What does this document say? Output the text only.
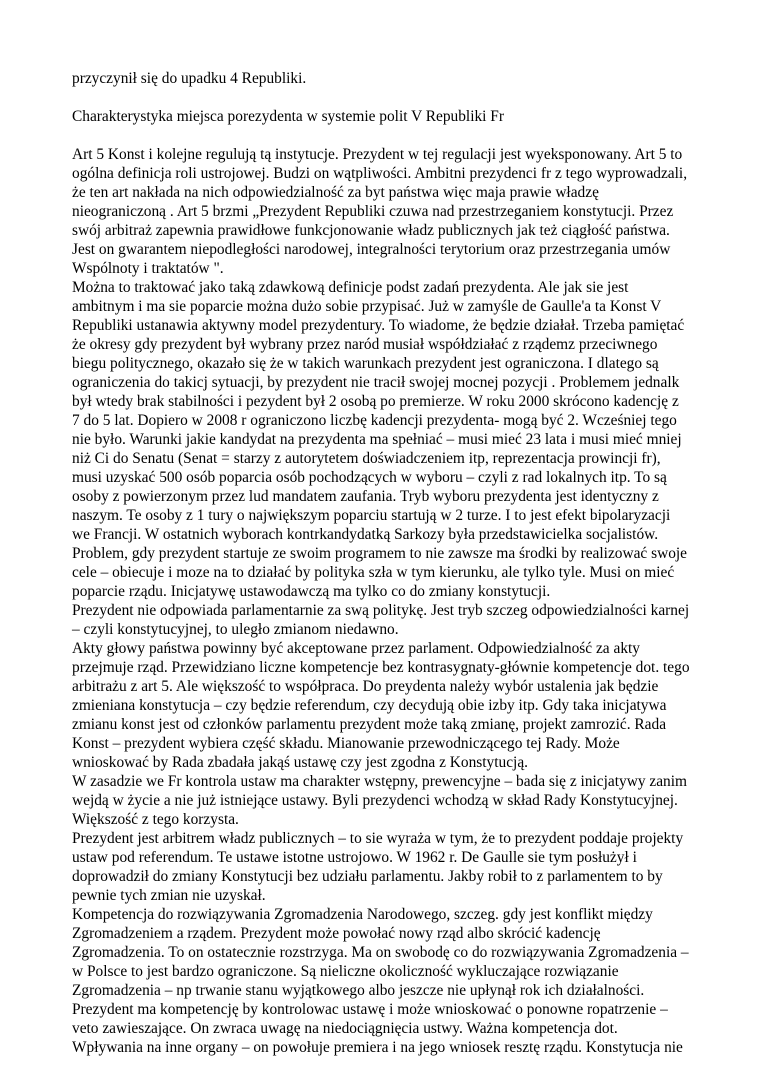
przyczynił się do upadku 4 Republiki.
Charakterystyka miejsca porezydenta w systemie polit V Republiki Fr
Art 5 Konst i kolejne regulują tą instytucje. Prezydent w tej regulacji jest wyeksponowany. Art 5 to
ogólna definicja roli ustrojowej. Budzi on wątpliwości. Ambitni prezydenci fr z tego wyprowadzali,
że ten art nakłada na nich odpowiedzialność za byt państwa więc maja prawie władzę
nieograniczoną . Art 5 brzmi „Prezydent Republiki czuwa nad przestrzeganiem konstytucji. Przez
swój arbitraż zapewnia prawidłowe funkcjonowanie władz publicznych jak też ciągłość państwa.
Jest on gwarantem niepodległości narodowej, integralności terytorium oraz przestrzegania umów
Wspólnoty i traktatów ".
Można to traktować jako taką zdawkową definicje podst zadań prezydenta. Ale jak sie jest
ambitnym i ma sie poparcie można dużo sobie przypisać. Już w zamyśle de Gaulle'a ta Konst V
Republiki ustanawia aktywny model prezydentury. To wiadome, że będzie działał. Trzeba pamiętać
że okresy gdy prezydent był wybrany przez naród musiał współdziałać z rządemz przeciwnego
biegu politycznego, okazało się że w takich warunkach prezydent jest ograniczona. I dlatego są
ograniczenia do takicj sytuacji, by prezydent nie tracił swojej mocnej pozycji . Problemem jednalk
był wtedy brak stabilności i pezydent był 2 osobą po premierze. W roku 2000 skrócono kadencję z
7 do 5 lat. Dopiero w 2008 r ograniczono liczbę kadencji prezydenta- mogą być 2. Wcześniej tego
nie było. Warunki jakie kandydat na prezydenta ma spełniać – musi mieć 23 lata i musi mieć mniej
niż Ci do Senatu (Senat = starzy z autorytetem doświadczeniem itp, reprezentacja prowincji fr),
musi uzyskać 500 osób poparcia osób pochodzących w wyboru – czyli z rad lokalnych itp. To są
osoby z powierzonym przez lud mandatem zaufania. Tryb wyboru prezydenta jest identyczny z
naszym. Te osoby z 1 tury o największym poparciu startują w 2 turze. I to jest efekt bipolaryzacji
we Francji. W ostatnich wyborach kontrkandydatką Sarkozy była przedstawicielka socjalistów.
Problem, gdy prezydent startuje ze swoim programem to nie zawsze ma środki by realizować swoje
cele – obiecuje i moze na to działać by polityka szła w tym kierunku, ale tylko tyle. Musi on mieć
poparcie rządu. Inicjatywę ustawodawczą ma tylko co do zmiany konstytucji.
Prezydent nie odpowiada parlamentarnie za swą politykę. Jest tryb szczeg odpowiedzialności karnej
– czyli konstytucyjnej, to uległo zmianom niedawno.
Akty głowy państwa powinny być akceptowane przez parlament. Odpowiedzialność za akty
przejmuje rząd. Przewidziano liczne kompetencje bez kontrasygnaty-głównie kompetencje dot. tego
arbitrażu z art 5. Ale większość to współpraca. Do preydenta należy wybór ustalenia jak będzie
zmieniana konstytucja – czy będzie referendum, czy decydują obie izby itp. Gdy taka inicjatywa
zmianu konst jest od członków parlamentu prezydent może taką zmianę, projekt zamrozić. Rada
Konst – prezydent wybiera część składu. Mianowanie przewodniczącego tej Rady. Może
wnioskować by Rada zbadała jakąś ustawę czy jest zgodna z Konstytucją.
W zasadzie we Fr kontrola ustaw ma charakter wstępny, prewencyjne – bada się z inicjatywy zanim
wejdą w życie a nie już istniejące ustawy. Byli prezydenci wchodzą w skład Rady Konstytucyjnej.
Większość z tego korzysta.
Prezydent jest arbitrem władz publicznych – to sie wyraża w tym, że to prezydent poddaje projekty
ustaw pod referendum. Te ustawe istotne ustrojowo. W 1962 r. De Gaulle sie tym posłużył i
doprowadził do zmiany Konstytucji bez udziału parlamentu. Jakby robił to z parlamentem to by
pewnie tych zmian nie uzyskał.
Kompetencja do rozwiązywania Zgromadzenia Narodowego, szczeg. gdy jest konflikt między
Zgromadzeniem a rządem. Prezydent może powołać nowy rząd albo skrócić kadencję
Zgromadzenia. To on ostatecznie rozstrzyga. Ma on swobodę co do rozwiązywania Zgromadzenia –
w Polsce to jest bardzo ograniczone. Są nieliczne okoliczność wykluczające rozwiązanie
Zgromadzenia – np trwanie stanu wyjątkowego albo jeszcze nie upłynął rok ich działalności.
Prezydent ma kompetencję by kontrolowac ustawę i może wnioskować o ponowne ropatrzenie –
veto zawieszające. On zwraca uwagę na niedociągnięcia ustwy. Ważna kompetencja dot.
Wpływania na inne organy – on powołuje premiera i na jego wniosek resztę rządu. Konstytucja nie
